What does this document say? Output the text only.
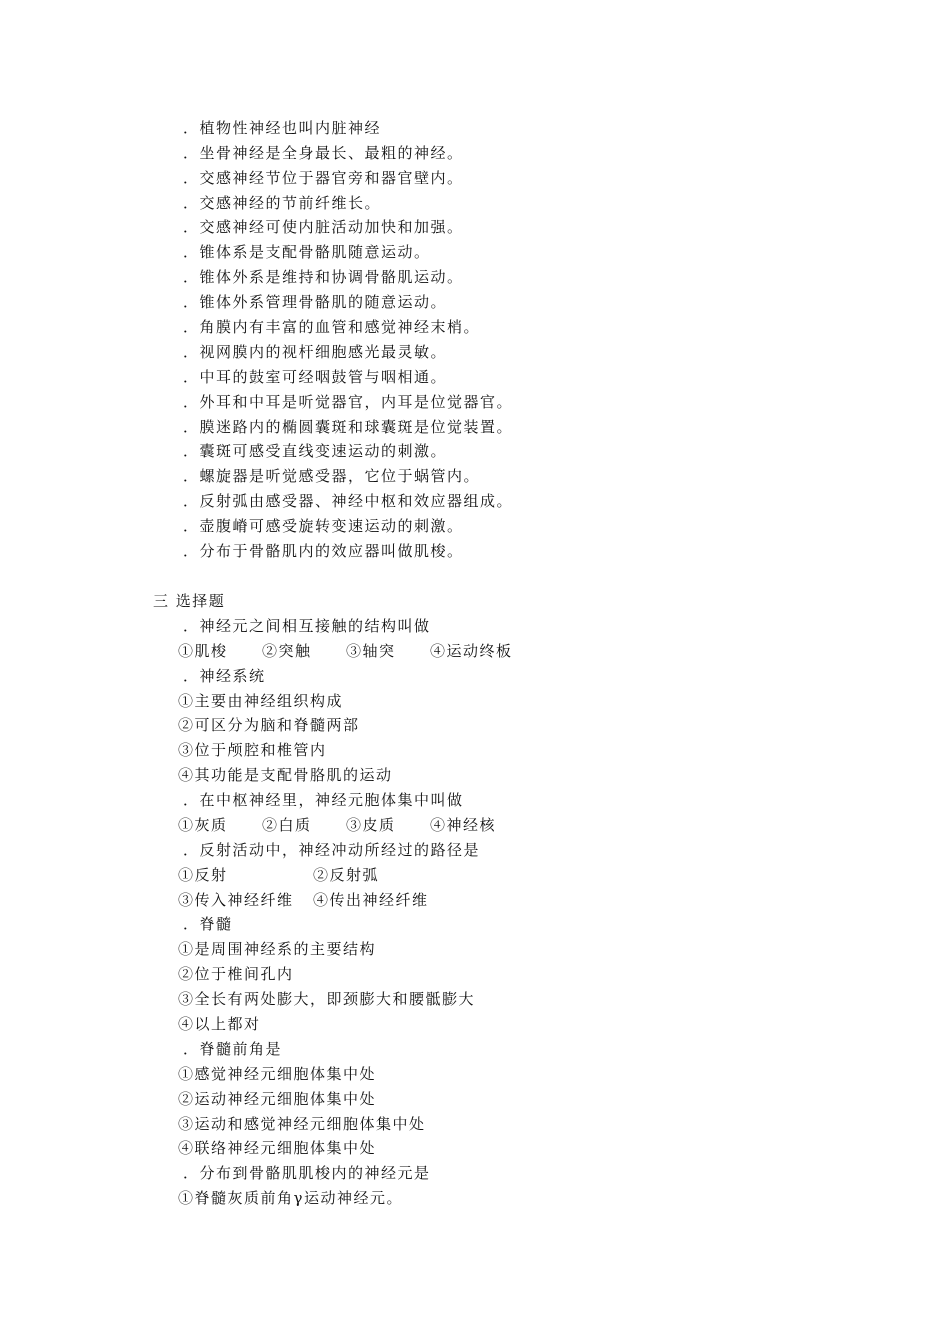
．植物性神经也叫内脏神经
．坐骨神经是全身最长、最粗的神经。
．交感神经节位于器官旁和器官壁内。
．交感神经的节前纤维长。
．交感神经可使内脏活动加快和加强。
．锥体系是支配骨骼肌随意运动。
．锥体外系是维持和协调骨骼肌运动。
．锥体外系管理骨骼肌的随意运动。
．角膜内有丰富的血管和感觉神经末梢。
．视网膜内的视杆细胞感光最灵敏。
．中耳的鼓室可经咽鼓管与咽相通。
．外耳和中耳是听觉器官，内耳是位觉器官。
．膜迷路内的椭圆囊斑和球囊斑是位觉装置。
．囊斑可感受直线变速运动的刺激。
．螺旋器是听觉感受器，它位于蜗管内。
．反射弧由感受器、神经中枢和效应器组成。
．壶腹嵴可感受旋转变速运动的刺激。
．分布于骨骼肌内的效应器叫做肌梭。
三 选择题
．神经元之间相互接触的结构叫做

①肌梭

②突触

③轴突

④运动终板

．神经系统
①主要由神经组织构成
②可区分为脑和脊髓两部
③位于颅腔和椎管内
④其功能是支配骨胳肌的运动
．在中枢神经里，神经元胞体集中叫做

①灰质

②白质

③皮质

④神经核

．反射活动中，神经冲动所经过的路径是

①反射

	②反射弧

③传入神经纤维

④传出神经纤维

．脊髓
①是周围神经系的主要结构
②位于椎间孔内
③全长有两处膨大，即颈膨大和腰骶膨大
④以上都对
．脊髓前角是
①感觉神经元细胞体集中处
②运动神经元细胞体集中处
③运动和感觉神经元细胞体集中处
④联络神经元细胞体集中处
．分布到骨骼肌肌梭内的神经元是
①脊髓灰质前角γ运动神经元。
